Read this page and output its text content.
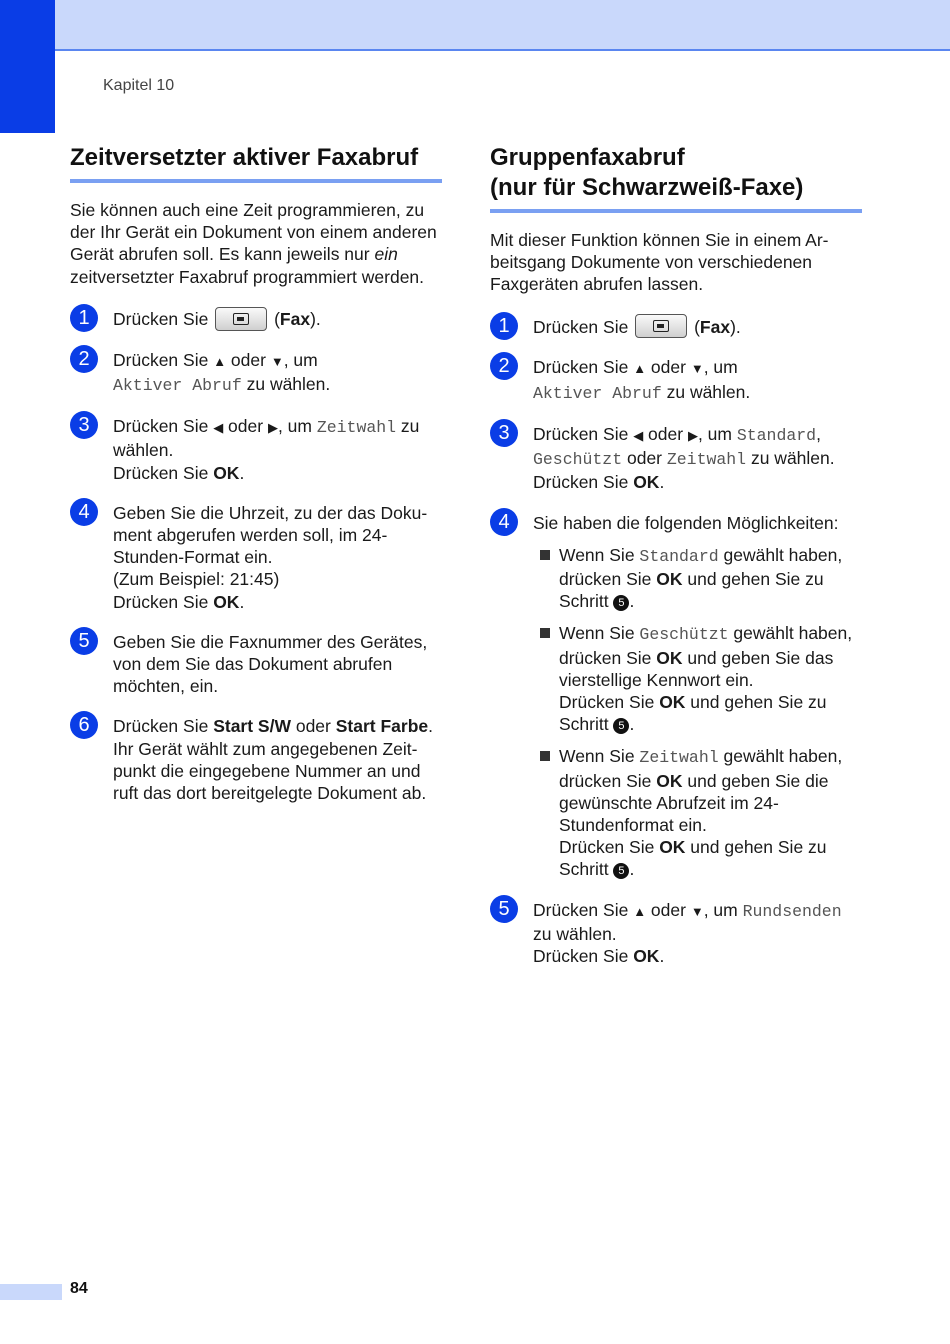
Kapitel 10
Zeitversetzter aktiver Faxabruf

Sie können auch eine Zeit programmieren, zu der Ihr Gerät ein Dokument von einem anderen Gerät abrufen soll. Es kann jeweils nur ein zeitversetzter Faxabruf programmiert werden.

1	Drücken Sie	(Fax).
2	Drücken Sie ▲ oder ▼, um
Aktiver Abruf zu wählen.
3	Drücken Sie ◀ oder ▶, um Zeitwahl zu wählen.
Drücken Sie OK.
4	Geben Sie die Uhrzeit, zu der das Dokument abgerufen werden soll, im 24-Stunden-Format ein.
(Zum Beispiel: 21:45)
Drücken Sie OK.
5	Geben Sie die Faxnummer des Gerätes, von dem Sie das Dokument abrufen möchten, ein.
6	Drücken Sie Start S/W oder Start Farbe.
Ihr Gerät wählt zum angegebenen Zeitpunkt die eingegebene Nummer an und ruft das dort bereitgelegte Dokument ab.
Gruppenfaxabruf
(nur für Schwarzweiß-Faxe)

Mit dieser Funktion können Sie in einem Arbeitsgang Dokumente von verschiedenen Faxgeräten abrufen lassen.

1	Drücken Sie	(Fax).
2	Drücken Sie ▲ oder ▼, um
Aktiver Abruf zu wählen.
3	Drücken Sie ◀ oder ▶, um Standard,
Geschützt oder Zeitwahl zu wählen.
Drücken Sie OK.
4	Sie haben die folgenden Möglichkeiten:
Wenn Sie Standard gewählt haben, drücken Sie OK und gehen Sie zu Schritt 5 .
Wenn Sie Geschützt gewählt haben, drücken Sie OK und geben Sie das vierstellige Kennwort ein.
Drücken Sie OK und gehen Sie zu Schritt 5 .
Wenn Sie Zeitwahl gewählt haben, drücken Sie OK und geben Sie die gewünschte Abrufzeit im 24-Stundenformat ein.
Drücken Sie OK und gehen Sie zu Schritt 5 .
5	Drücken Sie ▲ oder ▼, um Rundsenden
zu wählen.
Drücken Sie OK.
84
